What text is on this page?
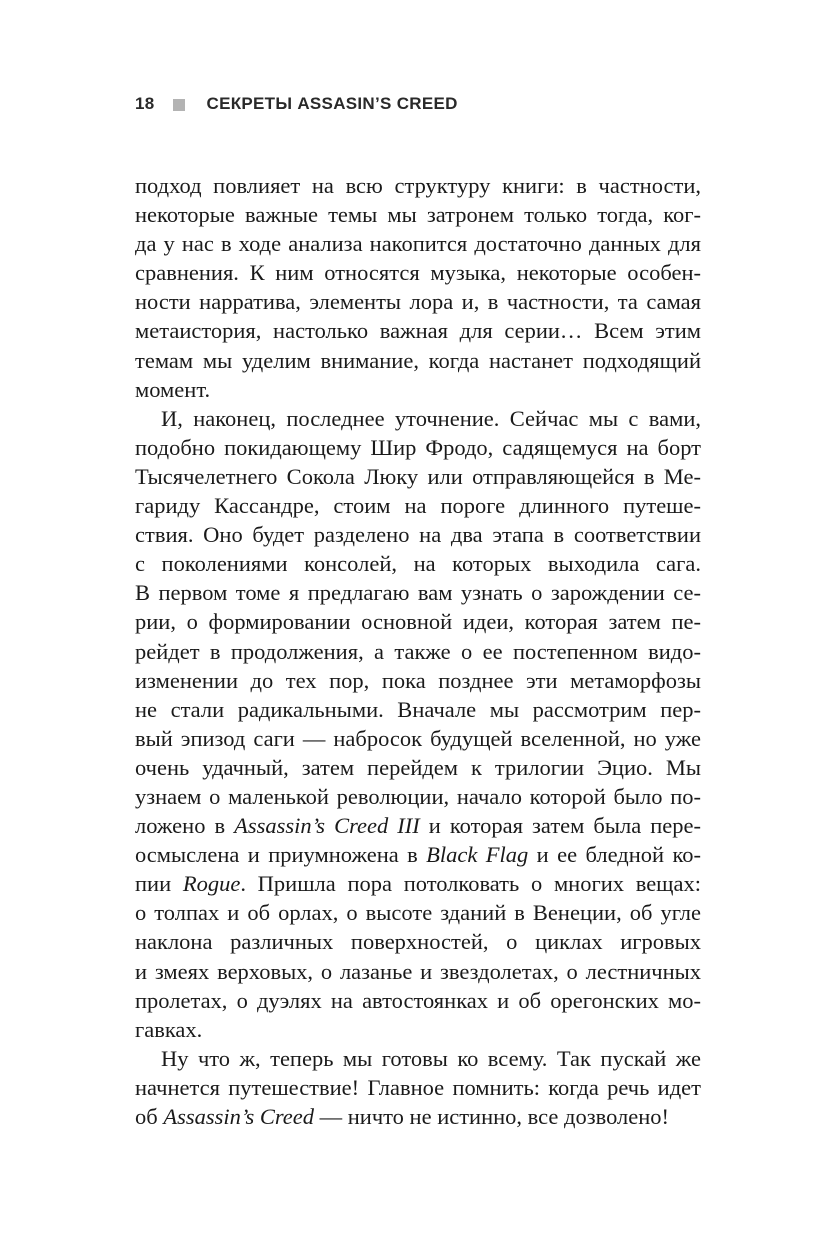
18	СЕКРЕТЫ ASSASIN’S CREED
подход повлияет на всю структуру книги: в частности,
некоторые важные темы мы затронем только тогда, ког-
да у нас в ходе анализа накопится достаточно данных для
сравнения. К ним относятся музыка, некоторые особен-
ности нарратива, элементы лора и, в частности, та самая
метаистория, настолько важная для серии… Всем этим
темам мы уделим внимание, когда настанет подходящий
момент.
И, наконец, последнее уточнение. Сейчас мы с вами,
подобно покидающему Шир Фродо, садящемуся на борт
Тысячелетнего Сокола Люку или отправляющейся в Ме-
гариду Кассандре, стоим на пороге длинного путеше-
ствия. Оно будет разделено на два этапа в соответствии
с поколениями консолей, на которых выходила сага.
В первом томе я предлагаю вам узнать о зарождении се-
рии, о формировании основной идеи, которая затем пе-
рейдет в продолжения, а также о ее постепенном видо-
изменении до тех пор, пока позднее эти метаморфозы
не стали радикальными. Вначале мы рассмотрим пер-
вый эпизод саги — набросок будущей вселенной, но уже
очень удачный, затем перейдем к трилогии Эцио. Мы
узнаем о маленькой революции, начало которой было по-
ложено в Assassin’s Creed III и которая затем была пере-
осмыслена и приумножена в Black Flag и ее бледной ко-
пии Rogue. Пришла пора потолковать о многих вещах:
о толпах и об орлах, о высоте зданий в Венеции, об угле
наклона различных поверхностей, о циклах игровых
и змеях верховых, о лазанье и звездолетах, о лестничных
пролетах, о дуэлях на автостоянках и об орегонских мо-
гавках.
Ну что ж, теперь мы готовы ко всему. Так пускай же
начнется путешествие! Главное помнить: когда речь идет
об Assassin’s Creed — ничто не истинно, все дозволено!
